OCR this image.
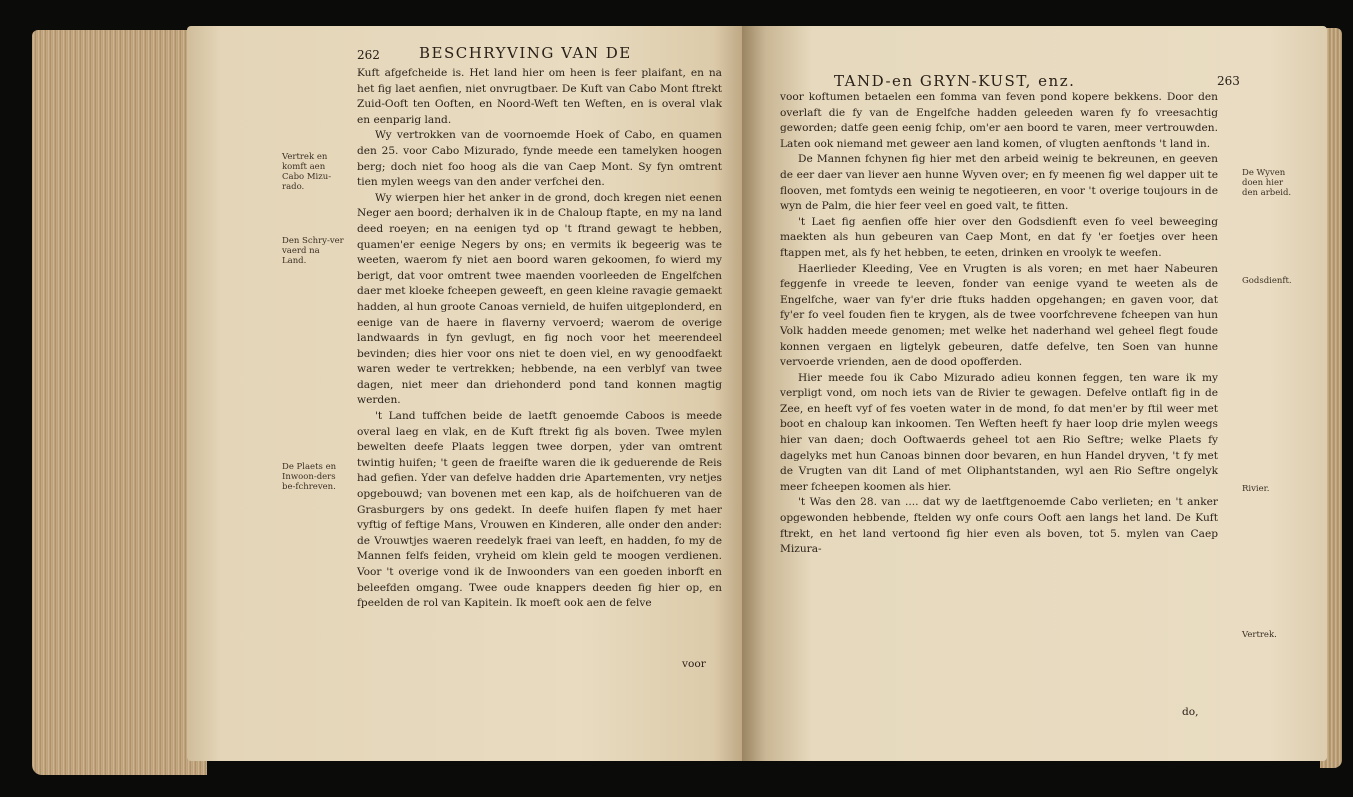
262	BESCHRYVING VAN DE
Vertrek en komft aen Cabo Mizu-rado.
Den Schry-ver vaerd na Land.
De Plaets en Inwoon-ders be-fchreven.

Kuft afgefcheide is. Het land hier om heen is feer plaifant, en na het fig laet aenfien, niet onvrugtbaer. De Kuft van Cabo Mont ftrekt Zuid-Ooft ten Ooften, en Noord-Weft ten Weften, en is overal vlak en eenparig land.

Wy vertrokken van de voornoemde Hoek of Cabo, en quamen den 25. voor Cabo Mizurado, fynde meede een tamelyken hoogen berg; doch niet foo hoog als die van Caep Mont. Sy fyn omtrent tien mylen weegs van den ander verfchei den.

Wy wierpen hier het anker in de grond, doch kregen niet eenen Neger aen boord; derhalven ik in de Chaloup ftapte, en my na land deed roeyen; en na eenigen tyd op 't ftrand gewagt te hebben, quamen'er eenige Negers by ons; en vermits ik begeerig was te weeten, waerom fy niet aen boord waren gekoomen, fo wierd my berigt, dat voor omtrent twee maenden voorleeden de Engelfchen daer met kloeke fcheepen geweeft, en geen kleine ravagie gemaekt hadden, al hun groote Canoas vernield, de huifen uitgeplonderd, en eenige van de haere in flaverny vervoerd; waerom de overige landwaards in fyn gevlugt, en fig noch voor het meerendeel bevinden; dies hier voor ons niet te doen viel, en wy genoodfaekt waren weder te vertrekken; hebbende, na een verblyf van twee dagen, niet meer dan driehonderd pond tand konnen magtig werden.

't Land tuffchen beide de laetft genoemde Caboos is meede overal laeg en vlak, en de Kuft ftrekt fig als boven. Twee mylen bewelten deefe Plaats leggen twee dorpen, yder van omtrent twintig huifen; 't geen de fraeifte waren die ik geduerende de Reis had gefien. Yder van defelve hadden drie Apartementen, vry netjes opgebouwd; van bovenen met een kap, als de hoifchueren van de Grasburgers by ons gedekt. In deefe huifen flapen fy met haer vyftig of feftige Mans, Vrouwen en Kinderen, alle onder den ander: de Vrouwtjes waeren reedelyk fraei van leeft, en hadden, fo my de Mannen felfs feiden, vryheid om klein geld te moogen verdienen. Voor 't overige vond ik de Inwoonders van een goeden inborft en beleefden omgang. Twee oude knappers deeden fig hier op, en fpeelden de rol van Kapitein. Ik moeft ook aen de felve

voor
TAND-en GRYN-KUST, enz.	263

voor koftumen betaelen een fomma van feven pond kopere bekkens. Door den overlaft die fy van de Engelfche hadden geleeden waren fy fo vreesachtig geworden; datfe geen eenig fchip, om'er aen boord te varen, meer vertrouwden. Laten ook niemand met geweer aen land komen, of vlugten aenftonds 't land in.

De Mannen fchynen fig hier met den arbeid weinig te bekreunen, en geeven de eer daer van liever aen hunne Wyven over; en fy meenen fig wel dapper uit te flooven, met fomtyds een weinig te negotieeren, en voor 't overige toujours in de wyn de Palm, die hier feer veel en goed valt, te fitten.

't Laet fig aenfien offe hier over den Godsdienft even fo veel beweeging maekten als hun gebeuren van Caep Mont, en dat fy 'er foetjes over heen ftappen met, als fy het hebben, te eeten, drinken en vroolyk te weefen.

Haerlieder Kleeding, Vee en Vrugten is als voren; en met haer Nabeuren feggenfe in vreede te leeven, fonder van eenige vyand te weeten als de Engelfche, waer van fy'er drie ftuks hadden opgehangen; en gaven voor, dat fy'er fo veel fouden fien te krygen, als de twee voorfchrevene fcheepen van hun Volk hadden meede genomen; met welke het naderhand wel geheel flegt foude konnen vergaen en ligtelyk gebeuren, datfe defelve, ten Soen van hunne vervoerde vrienden, aen de dood opofferden.

Hier meede fou ik Cabo Mizurado adieu konnen feggen, ten ware ik my verpligt vond, om noch iets van de Rivier te gewagen. Defelve ontlaft fig in de Zee, en heeft vyf of fes voeten water in de mond, fo dat men'er by ftil weer met boot en chaloup kan inkoomen. Ten Weften heeft fy haer loop drie mylen weegs hier van daen; doch Ooftwaerds geheel tot aen Rio Seftre; welke Plaets fy dagelyks met hun Canoas binnen door bevaren, en hun Handel dryven, 't fy met de Vrugten van dit Land of met Oliphantstanden, wyl aen Rio Seftre ongelyk meer fcheepen koomen als hier.

't Was den 28. van .... dat wy de laetftgenoemde Cabo verlieten; en 't anker opgewonden hebbende, ftelden wy onfe cours Ooft aen langs het land. De Kuft ftrekt, en het land vertoond fig hier even als boven, tot 5. mylen van Caep Mizura-

do,
De Wyven doen hier den arbeid.
Godsdienft.
Rivier.
Vertrek.
